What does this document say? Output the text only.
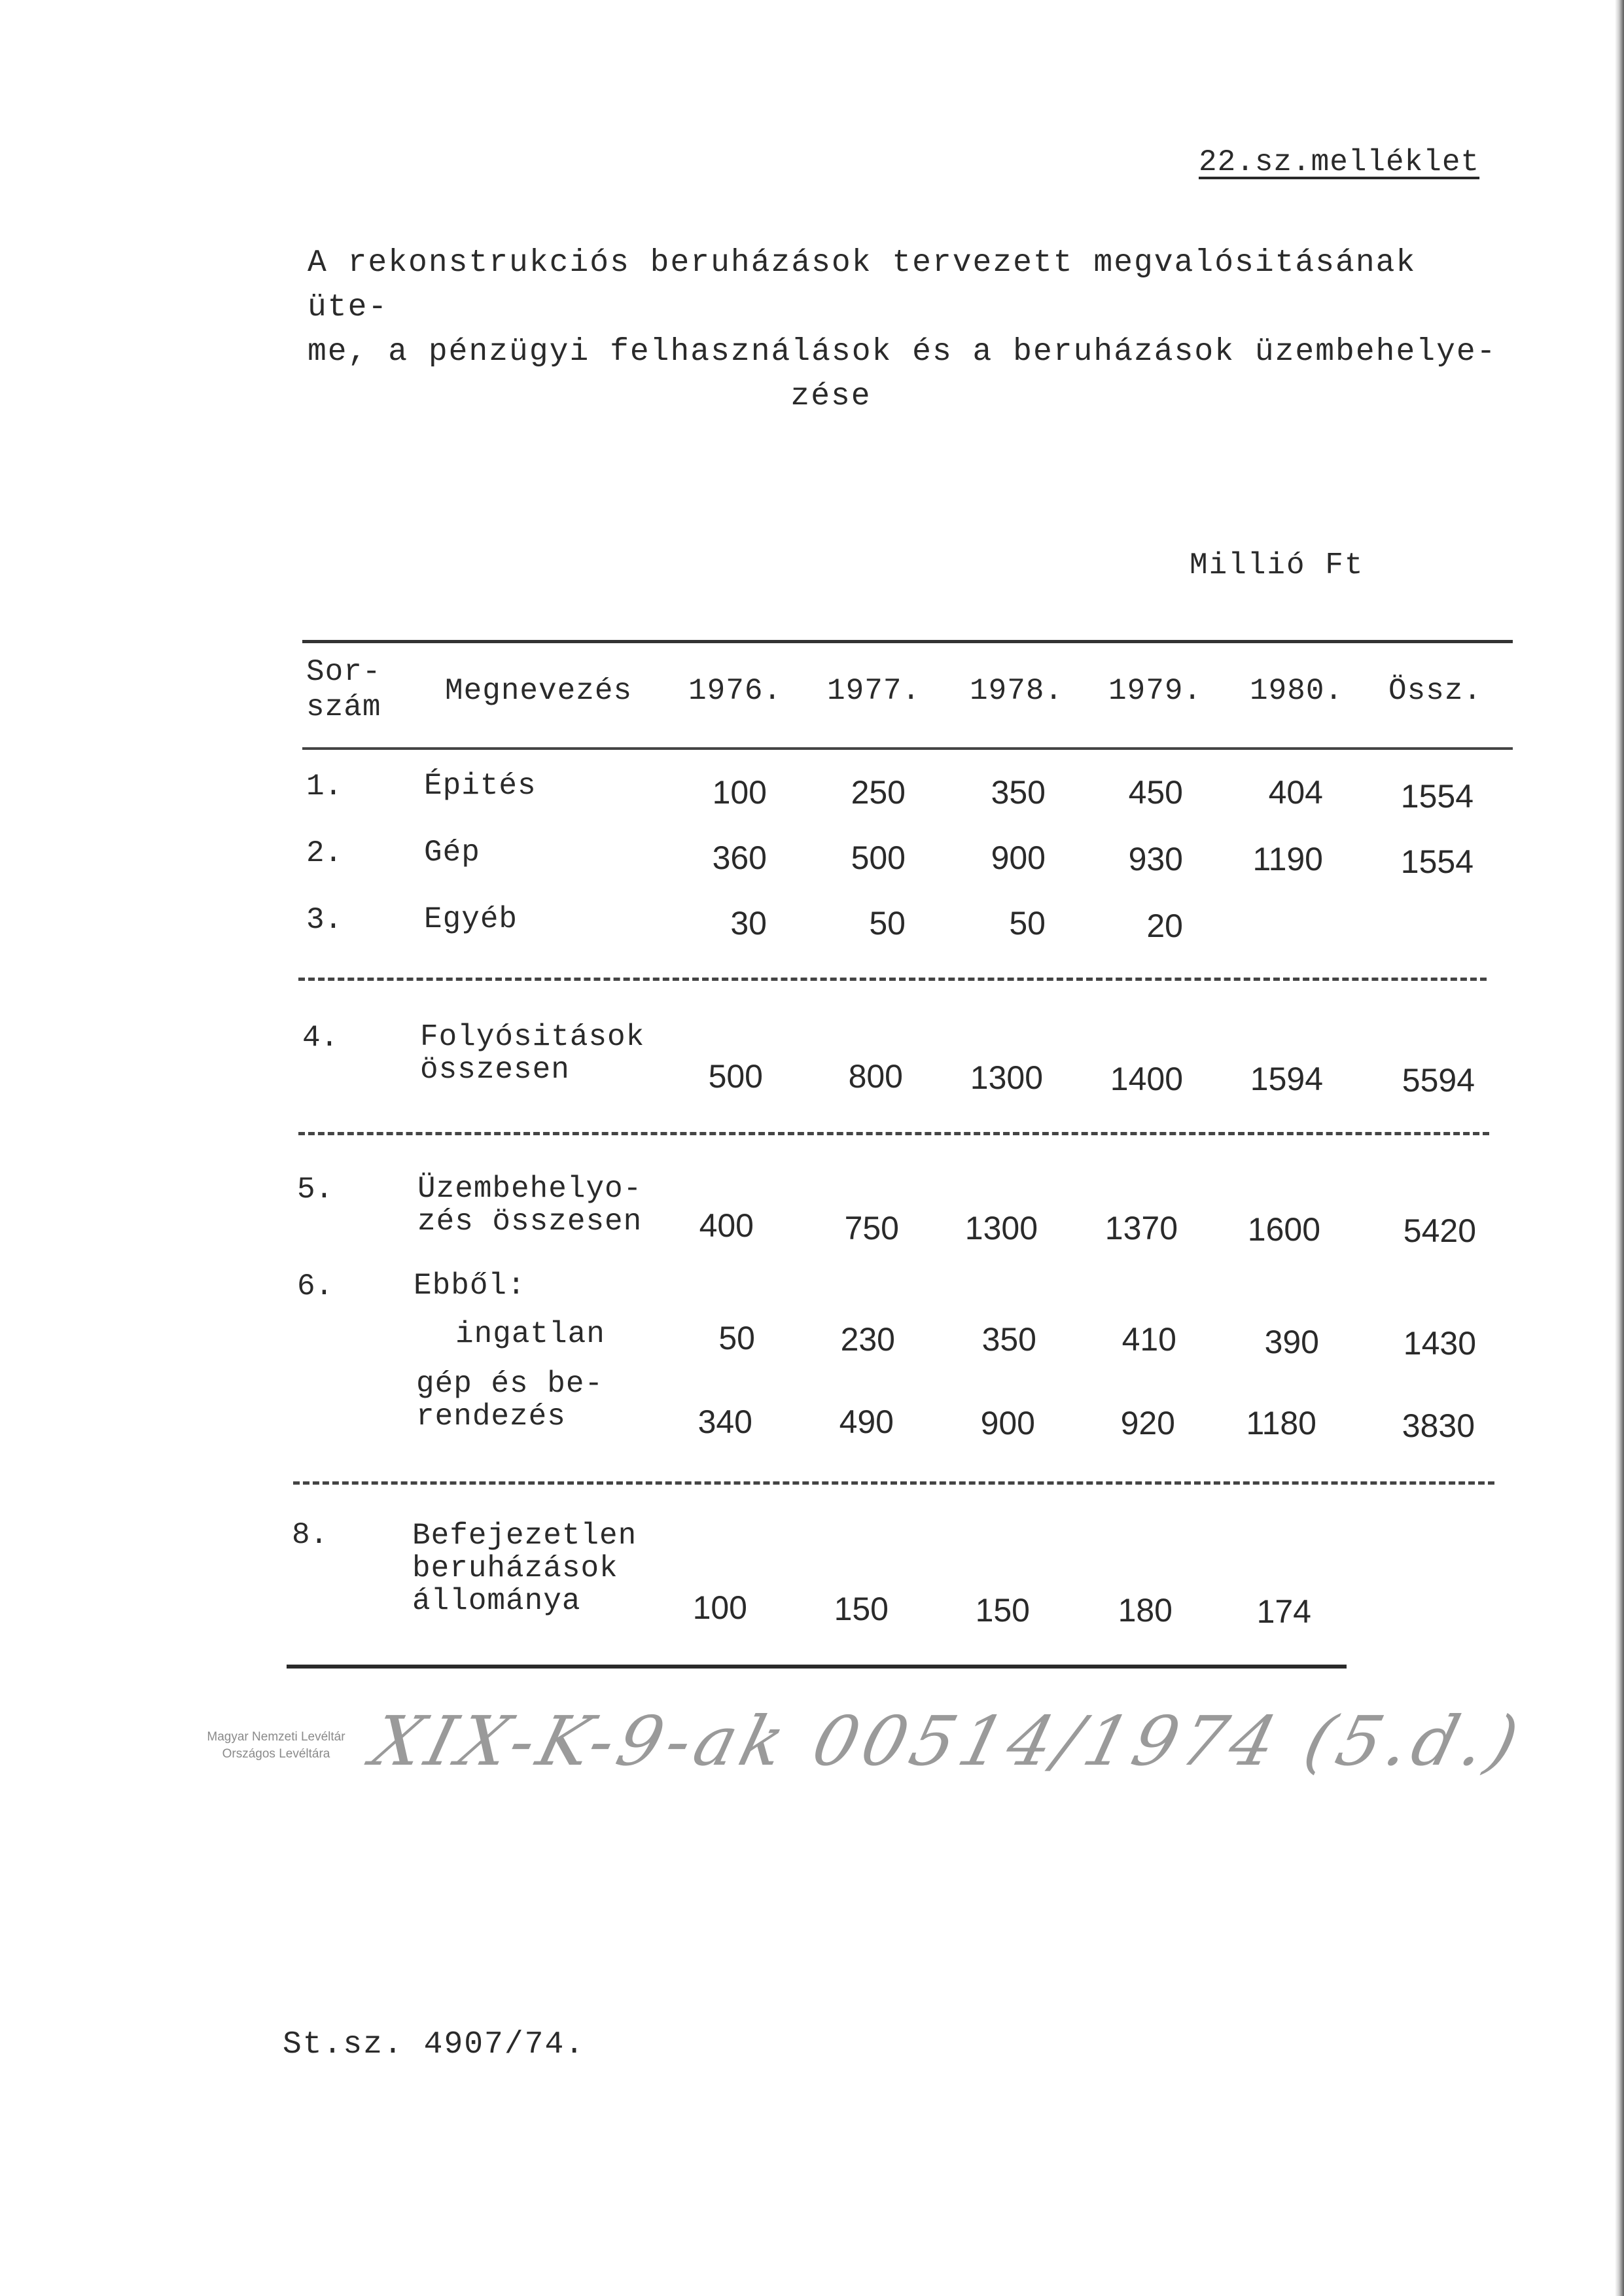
22.sz.melléklet
A rekonstrukciós beruházások tervezett megvalósitásának üte-
me, a pénzügyi felhasználások és a beruházások üzembehelye-

zése
Millió Ft
Sor-
szám Megnevezés 1976. 1977. 1978. 1979. 1980. Össz.
1.	Épités	100	250	350	450	404	1554
2.	Gép	360	500	900	930	1190	1554
3.	Egyéb	30	50	50	20
4.	Folyósitások
összesen	500	800	1300	1400	1594	5594
5.	Üzembehelyo-
zés összesen	400	750	1300	1370	1600	5420
6.	Ebből:
ingatlan	50	230	350	410	390	1430
gép és be-
rendezés	340	490	900	920	1180	3830
8.	Befejezetlen
beruházások
állománya	100	150	150	180	174
Magyar Nemzeti Levéltár
Országos Levéltára XIX-K-9-ak 00514/1974 (5.d.)
St.sz. 4907/74.
